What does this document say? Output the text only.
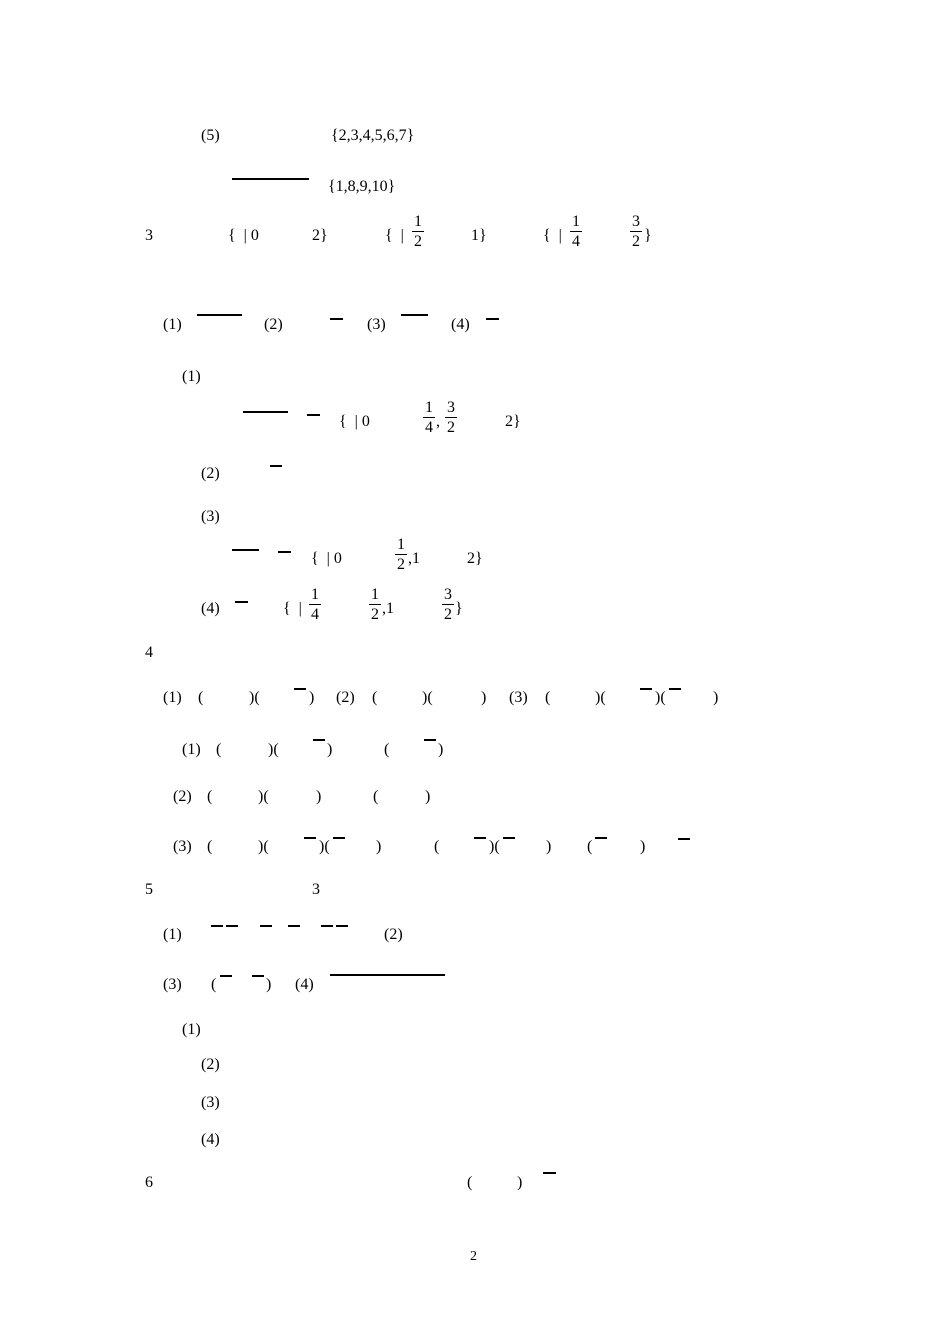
(5)	{2,3,4,5,6,7}
{1,8,9,10}
3	{  | 0	2}	{  |
1
2	1}	{  |
1
4
3
2 }
(1)	(2)	(3)	(4)
(1)
{  | 0
1
4 ,
3
2	2}
(2)
(3)
{  | 0
1
2 ,1	2}
(4)	{  |
1
4
1
2 ,1
3
2 }
4
(1) (	)(	) (2) (	)(	) (3) (	)(	)(	)
(1) (	)(	)	(	)
(2) (	)(	)	(	)
(3) (	)(	)(	)	(	)(	) (	)
5	3
(1)	(2)
(3) (	) (4)
(1)
(2)
(3)
(4)
6	(	)
2
